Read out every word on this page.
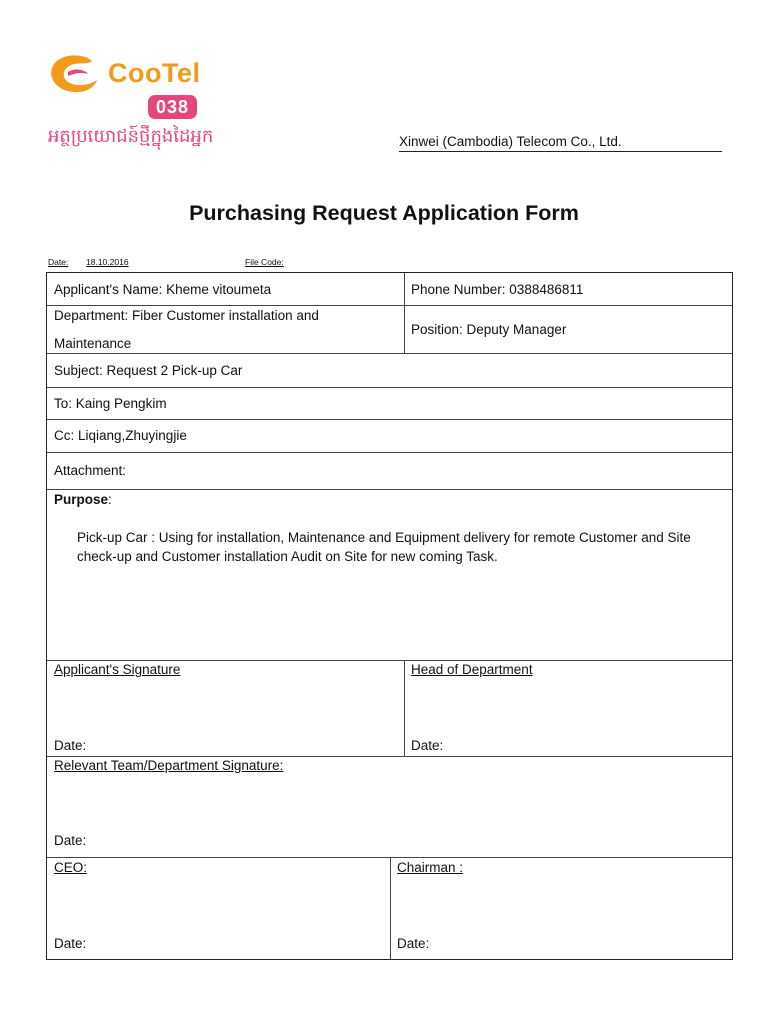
CooTel
038
អត្ថប្រយោជន៍ថ្មីក្នុងដៃអ្នក	Xinwei (Cambodia) Telecom Co., Ltd.
Purchasing Request Application Form
Date: 18.10.2016	File Code:
Applicant's Name: Kheme vitoumeta	Phone Number: 0388486811
Department: Fiber Customer installation and
Maintenance
Position: Deputy Manager
Subject: Request 2 Pick-up Car
To: Kaing Pengkim
Cc: Liqiang,Zhuyingjie
Attachment:
Purpose:
Pick-up Car : Using for installation, Maintenance and Equipment delivery for remote Customer and Site check-up and Customer installation Audit on Site for new coming Task.
Applicant's Signature	Head of Department
Date:	Date:
Relevant Team/Department Signature:
Date:
CEO:	Chairman :
Date:	Date:
